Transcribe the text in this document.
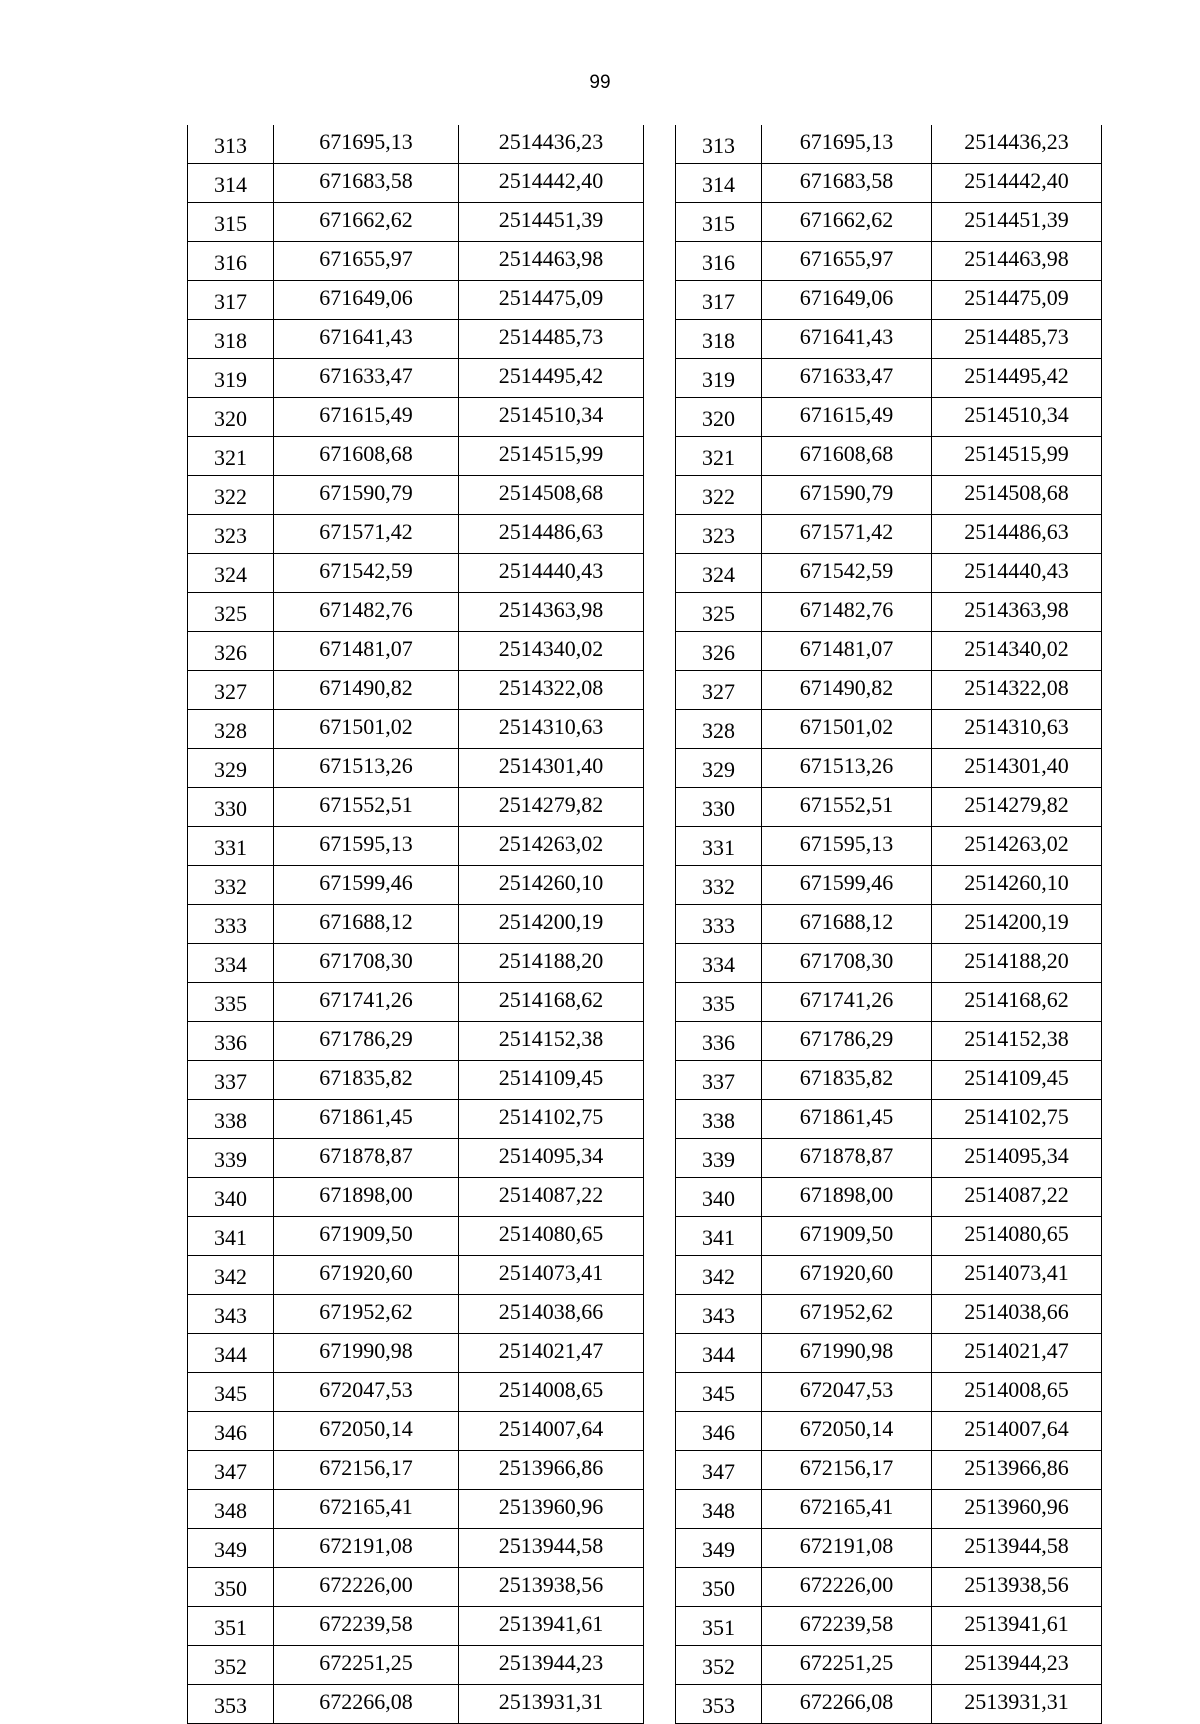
99
313	671695,13	2514436,23
314	671683,58	2514442,40
315	671662,62	2514451,39
316	671655,97	2514463,98
317	671649,06	2514475,09
318	671641,43	2514485,73
319	671633,47	2514495,42
320	671615,49	2514510,34
321	671608,68	2514515,99
322	671590,79	2514508,68
323	671571,42	2514486,63
324	671542,59	2514440,43
325	671482,76	2514363,98
326	671481,07	2514340,02
327	671490,82	2514322,08
328	671501,02	2514310,63
329	671513,26	2514301,40
330	671552,51	2514279,82
331	671595,13	2514263,02
332	671599,46	2514260,10
333	671688,12	2514200,19
334	671708,30	2514188,20
335	671741,26	2514168,62
336	671786,29	2514152,38
337	671835,82	2514109,45
338	671861,45	2514102,75
339	671878,87	2514095,34
340	671898,00	2514087,22
341	671909,50	2514080,65
342	671920,60	2514073,41
343	671952,62	2514038,66
344	671990,98	2514021,47
345	672047,53	2514008,65
346	672050,14	2514007,64
347	672156,17	2513966,86
348	672165,41	2513960,96
349	672191,08	2513944,58
350	672226,00	2513938,56
351	672239,58	2513941,61
352	672251,25	2513944,23
353	672266,08	2513931,31
313	671695,13	2514436,23
314	671683,58	2514442,40
315	671662,62	2514451,39
316	671655,97	2514463,98
317	671649,06	2514475,09
318	671641,43	2514485,73
319	671633,47	2514495,42
320	671615,49	2514510,34
321	671608,68	2514515,99
322	671590,79	2514508,68
323	671571,42	2514486,63
324	671542,59	2514440,43
325	671482,76	2514363,98
326	671481,07	2514340,02
327	671490,82	2514322,08
328	671501,02	2514310,63
329	671513,26	2514301,40
330	671552,51	2514279,82
331	671595,13	2514263,02
332	671599,46	2514260,10
333	671688,12	2514200,19
334	671708,30	2514188,20
335	671741,26	2514168,62
336	671786,29	2514152,38
337	671835,82	2514109,45
338	671861,45	2514102,75
339	671878,87	2514095,34
340	671898,00	2514087,22
341	671909,50	2514080,65
342	671920,60	2514073,41
343	671952,62	2514038,66
344	671990,98	2514021,47
345	672047,53	2514008,65
346	672050,14	2514007,64
347	672156,17	2513966,86
348	672165,41	2513960,96
349	672191,08	2513944,58
350	672226,00	2513938,56
351	672239,58	2513941,61
352	672251,25	2513944,23
353	672266,08	2513931,31
